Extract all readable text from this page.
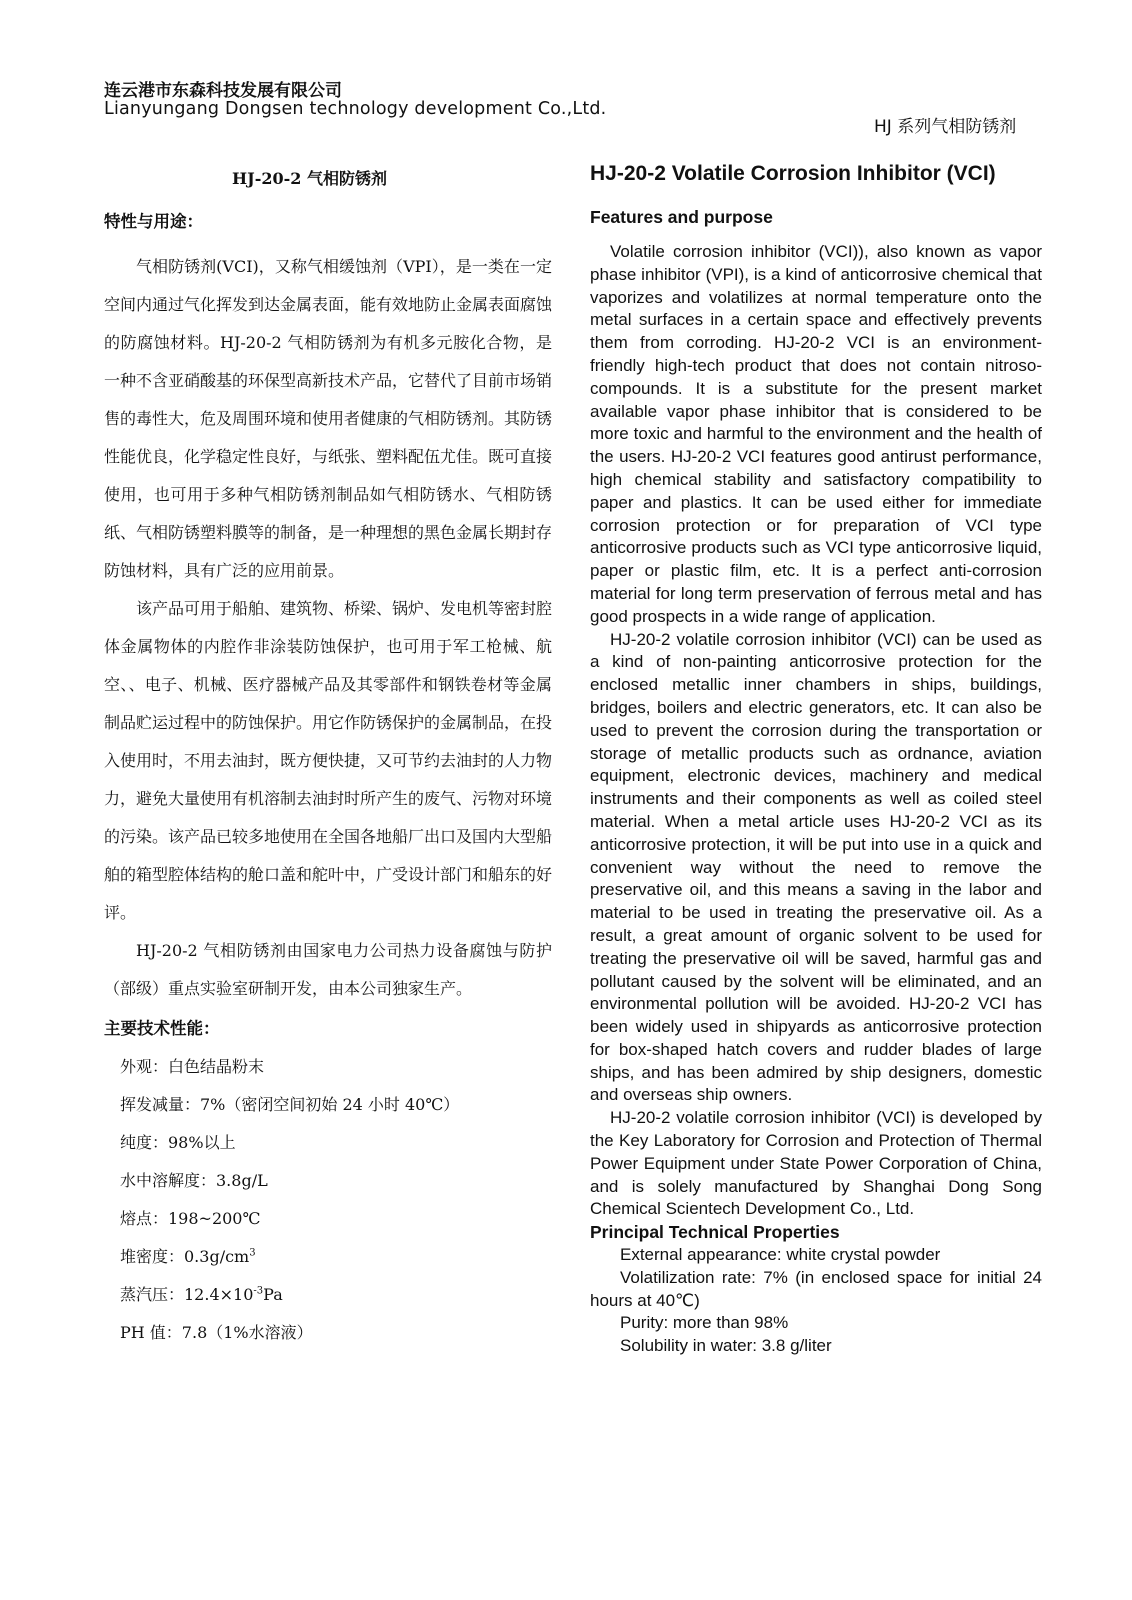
连云港市东森科技发展有限公司
Lianyungang Dongsen technology development Co.,Ltd.
HJ 系列气相防锈剂
HJ-20-2 气相防锈剂	HJ-20-2 Volatile Corrosion Inhibitor (VCI)
特性与用途：

气相防锈剂(VCI)，又称气相缓蚀剂（VPI），是一类在一定空间内通过气化挥发到达金属表面，能有效地防止金属表面腐蚀的防腐蚀材料。HJ-20-2 气相防锈剂为有机多元胺化合物，是一种不含亚硝酸基的环保型高新技术产品，它替代了目前市场销售的毒性大，危及周围环境和使用者健康的气相防锈剂。其防锈性能优良，化学稳定性良好，与纸张、塑料配伍尤佳。既可直接使用，也可用于多种气相防锈剂制品如气相防锈水、气相防锈纸、气相防锈塑料膜等的制备，是一种理想的黑色金属长期封存防蚀材料，具有广泛的应用前景。

该产品可用于船舶、建筑物、桥梁、锅炉、发电机等密封腔体金属物体的内腔作非涂装防蚀保护，也可用于军工枪械、航空、、电子、机械、医疗器械产品及其零部件和钢铁卷材等金属制品贮运过程中的防蚀保护。用它作防锈保护的金属制品，在投入使用时，不用去油封，既方便快捷，又可节约去油封的人力物力，避免大量使用有机溶制去油封时所产生的废气、污物对环境的污染。该产品已较多地使用在全国各地船厂出口及国内大型船舶的箱型腔体结构的舱口盖和舵叶中，广受设计部门和船东的好评。

HJ-20-2 气相防锈剂由国家电力公司热力设备腐蚀与防护（部级）重点实验室研制开发，由本公司独家生产。

主要技术性能：
外观：白色结晶粉末
挥发减量：7%（密闭空间初始 24 小时 40℃）
纯度：98%以上
水中溶解度：3.8g/L
熔点：198~200℃
堆密度：$0.3g/cm^3$
蒸汽压：$12.4\times 10^{-3}Pa$
PH 值：7.8（1%水溶液）
Features and purpose

Volatile corrosion inhibitor (VCI)), also known as vapor phase inhibitor (VPI), is a kind of anticorrosive chemical that vaporizes and volatilizes at normal temperature onto the metal surfaces in a certain space and effectively prevents them from corroding. HJ-20-2 VCI is an environment-friendly high-tech product that does not contain nitroso-compounds. It is a substitute for the present market available vapor phase inhibitor that is considered to be more toxic and harmful to the environment and the health of the users. HJ-20-2 VCI features good antirust performance, high chemical stability and satisfactory compatibility to paper and plastics. It can be used either for immediate corrosion protection or for preparation of VCI type anticorrosive products such as VCI type anticorrosive liquid, paper or plastic film, etc. It is a perfect anti-corrosion material for long term preservation of ferrous metal and has good prospects in a wide range of application.

HJ-20-2 volatile corrosion inhibitor (VCI) can be used as a kind of non-painting anticorrosive protection for the enclosed metallic inner chambers in ships, buildings, bridges, boilers and electric generators, etc. It can also be used to prevent the corrosion during the transportation or storage of metallic products such as ordnance, aviation equipment, electronic devices, machinery and medical instruments and their components as well as coiled steel material. When a metal article uses HJ-20-2 VCI as its anticorrosive protection, it will be put into use in a quick and convenient way without the need to remove the preservative oil, and this means a saving in the labor and material to be used in treating the preservative oil. As a result, a great amount of organic solvent to be used for treating the preservative oil will be saved, harmful gas and pollutant caused by the solvent will be eliminated, and an environmental pollution will be avoided. HJ-20-2 VCI has been widely used in shipyards as anticorrosive protection for box-shaped hatch covers and rudder blades of large ships, and has been admired by ship designers, domestic and overseas ship owners.

HJ-20-2 volatile corrosion inhibitor (VCI) is developed by the Key Laboratory for Corrosion and Protection of Thermal Power Equipment under State Power Corporation of China, and is solely manufactured by Shanghai Dong Song Chemical Scientech Development Co., Ltd.

Principal Technical Properties
External appearance: white crystal powder
Volatilization rate: 7% (in enclosed space for initial 24 hours at 40℃)
Purity: more than 98%
Solubility in water: 3.8 g/liter
